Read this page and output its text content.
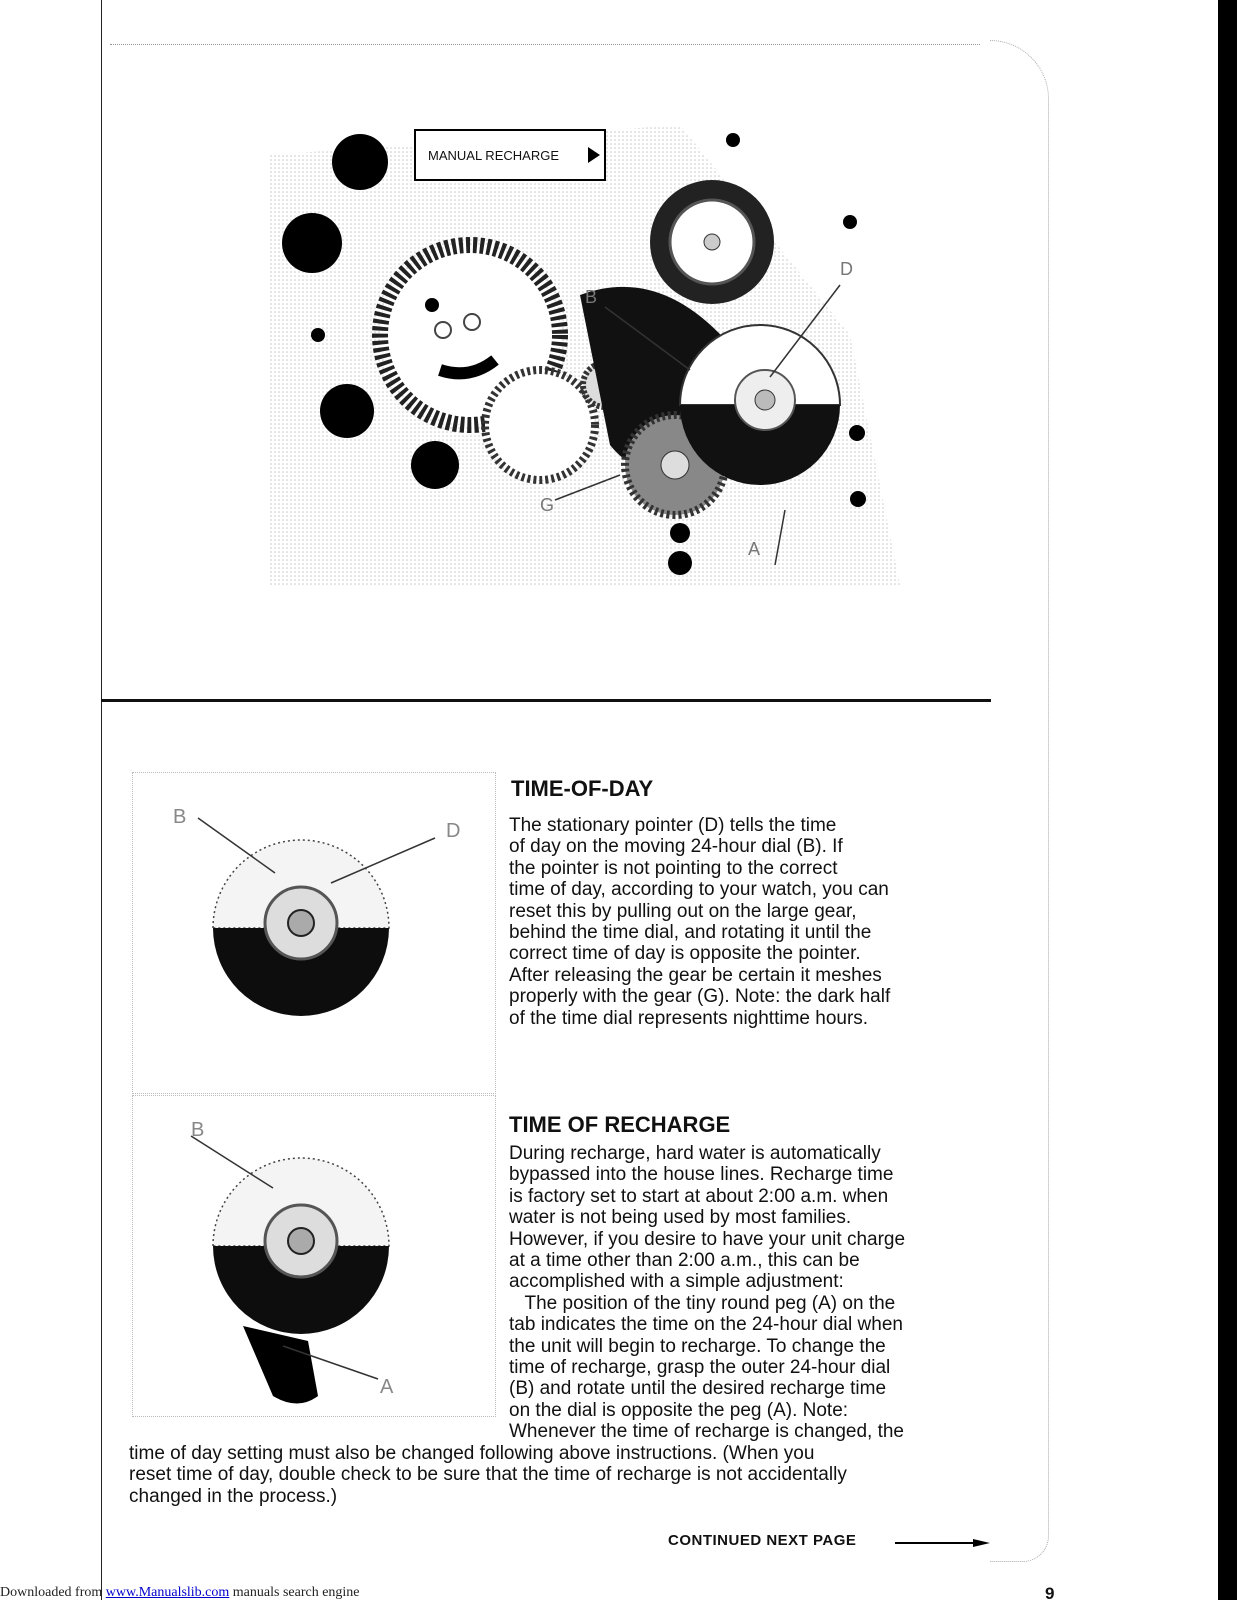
MANUAL RECHARGE
D
B
G
A
B
D
B
A
TIME-OF-DAY

The stationary pointer (D) tells the time
of day on the moving 24-hour dial (B). If
the pointer is not pointing to the correct
time of day, according to your watch, you can
reset this by pulling out on the large gear,
behind the time dial, and rotating it until the
correct time of day is opposite the pointer.
After releasing the gear be certain it meshes
properly with the gear (G). Note: the dark half
of the time dial represents nighttime hours.

TIME OF RECHARGE

During recharge, hard water is automatically
bypassed into the house lines. Recharge time
is factory set to start at about 2:00 a.m. when
water is not being used by most families.
However, if you desire to have your unit charge
at a time other than 2:00 a.m., this can be
accomplished with a simple adjustment:
The position of the tiny round peg (A) on the
tab indicates the time on the 24-hour dial when
the unit will begin to recharge. To change the
time of recharge, grasp the outer 24-hour dial
(B) and rotate until the desired recharge time
on the dial is opposite the peg (A). Note:
Whenever the time of recharge is changed, the

time of day setting must also be changed following above instructions. (When you
reset time of day, double check to be sure that the time of recharge is not accidentally
changed in the process.)

CONTINUED NEXT PAGE
9
Downloaded from www.Manualslib.com manuals search engine
